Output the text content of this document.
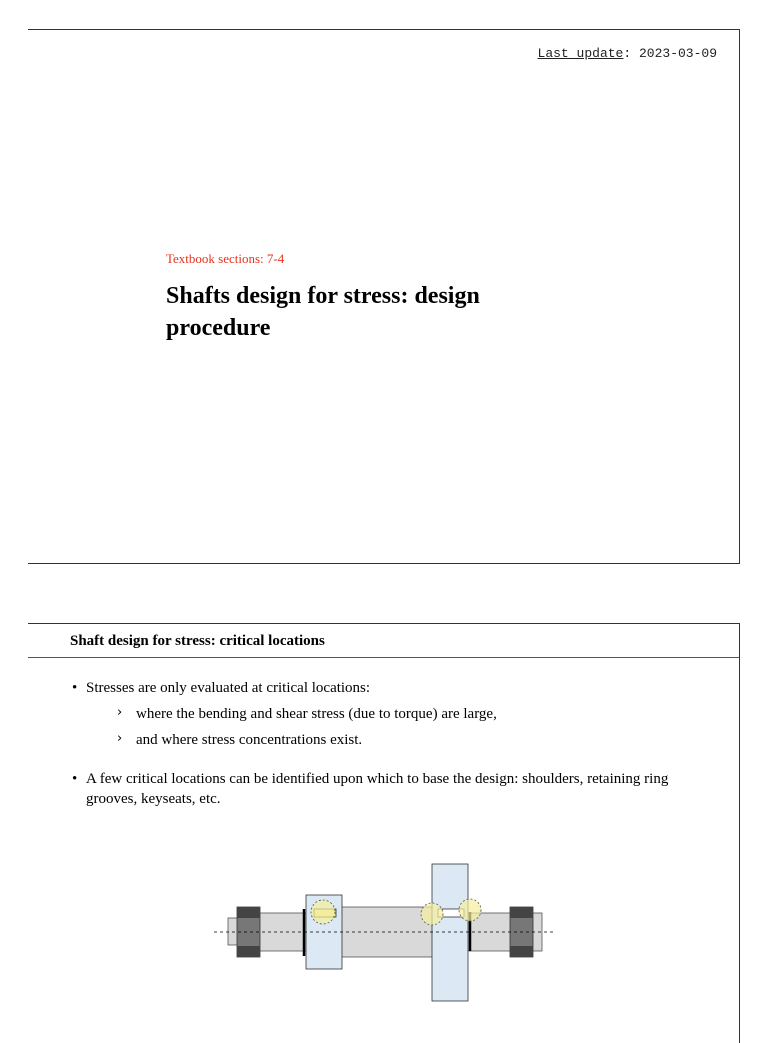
Last update: 2023-03-09
Textbook sections: 7-4
Shafts design for stress: design procedure
Shaft design for stress: critical locations
• Stresses are only evaluated at critical locations:
› where the bending and shear stress (due to torque) are large,
› and where stress concentrations exist.
• A few critical locations can be identified upon which to base the design: shoulders, retaining ring grooves, keyseats, etc.
